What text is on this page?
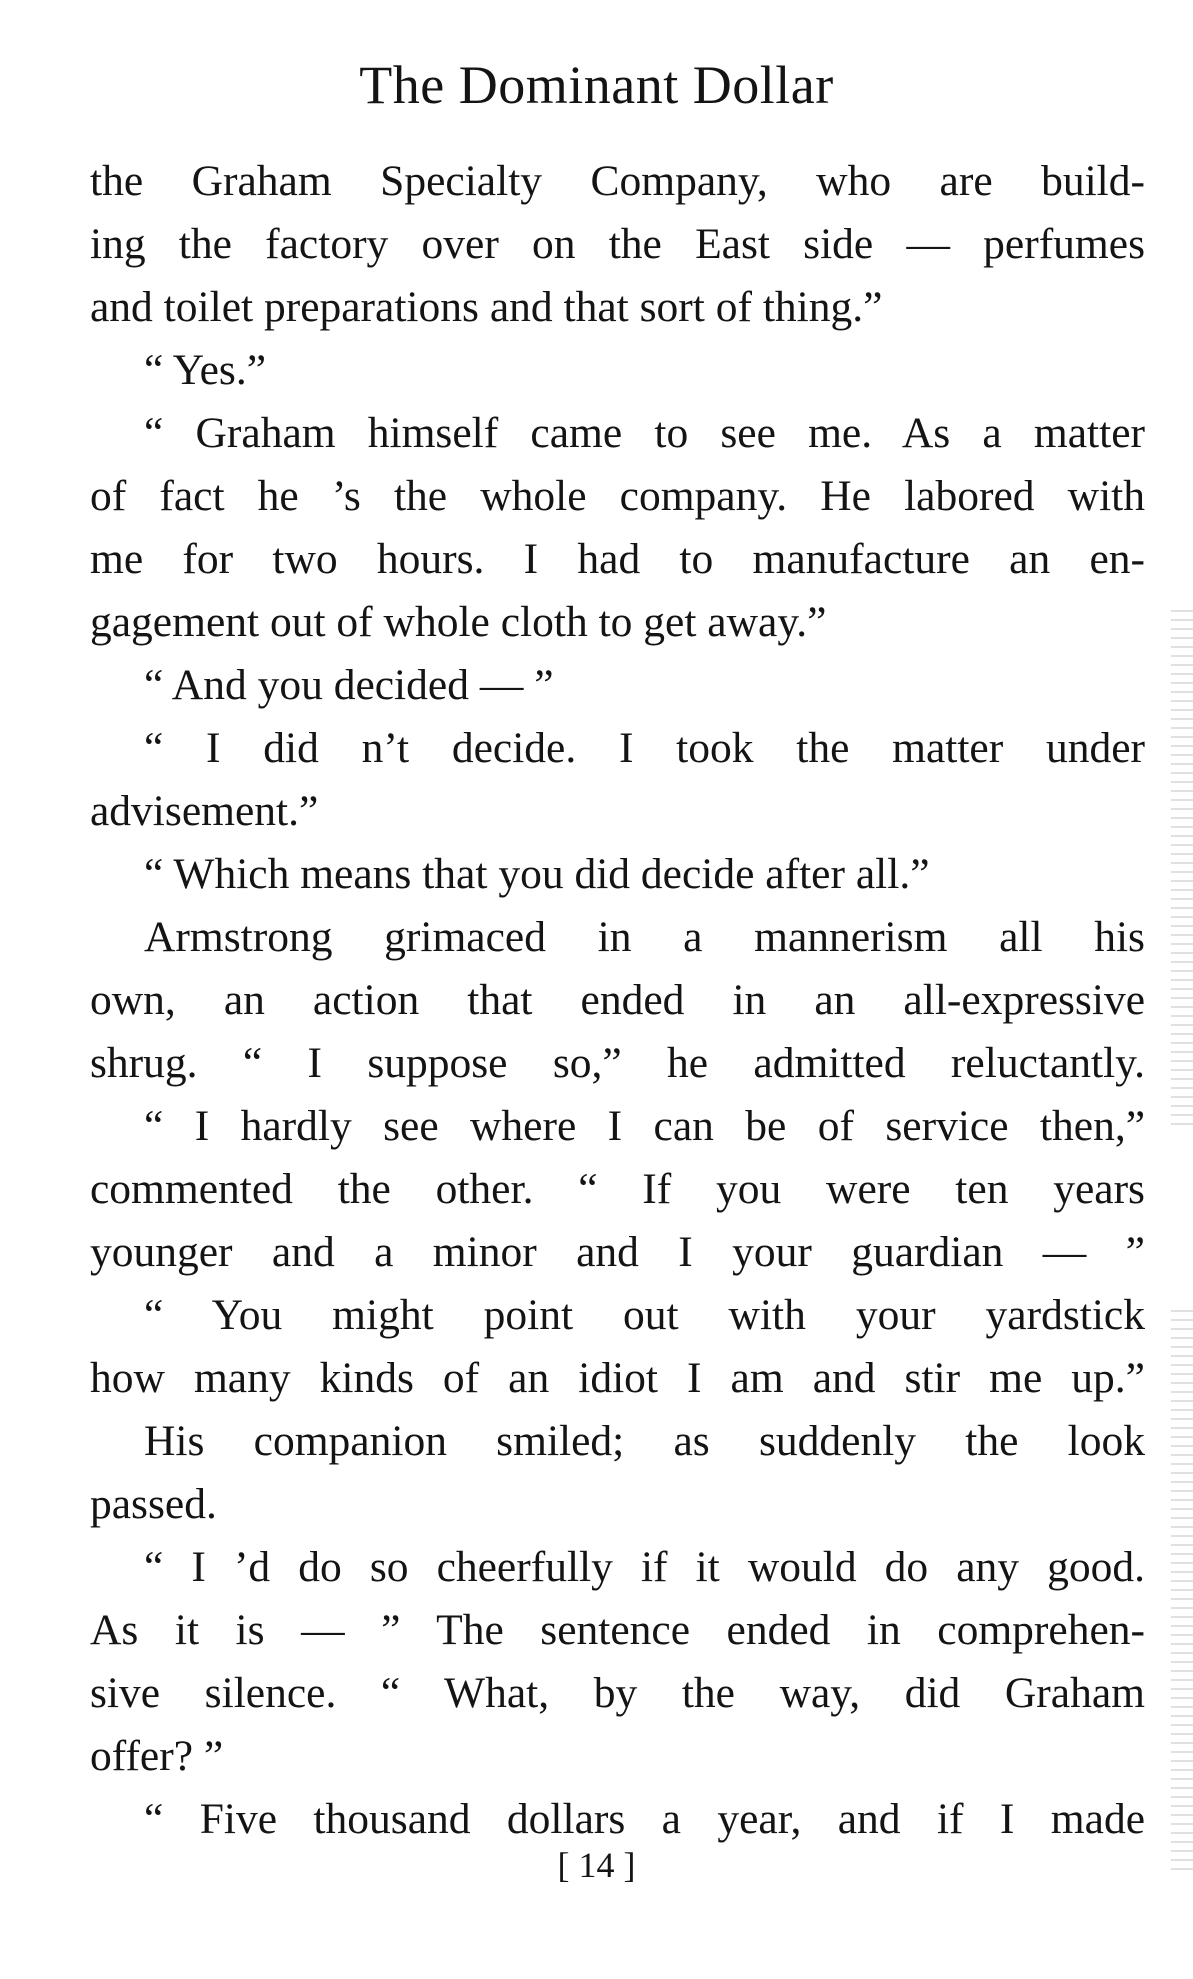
The Dominant Dollar
the Graham Specialty Company, who are build-
ing the factory over on the East side — perfumes
and toilet preparations and that sort of thing.”
“ Yes.”
“ Graham himself came to see me. As a matter
of fact he ’s the whole company. He labored with
me for two hours. I had to manufacture an en-
gagement out of whole cloth to get away.”
“ And you decided — ”
“ I did n’t decide. I took the matter under
advisement.”
“ Which means that you did decide after all.”
Armstrong grimaced in a mannerism all his
own, an action that ended in an all-expressive
shrug. “ I suppose so,” he admitted reluctantly.
“ I hardly see where I can be of service then,”
commented the other. “ If you were ten years
younger and a minor and I your guardian — ”
“ You might point out with your yardstick
how many kinds of an idiot I am and stir me up.”
His companion smiled; as suddenly the look
passed.
“ I ’d do so cheerfully if it would do any good.
As it is — ” The sentence ended in comprehen-
sive silence. “ What, by the way, did Graham
offer? ”
“ Five thousand dollars a year, and if I made
[ 14 ]
